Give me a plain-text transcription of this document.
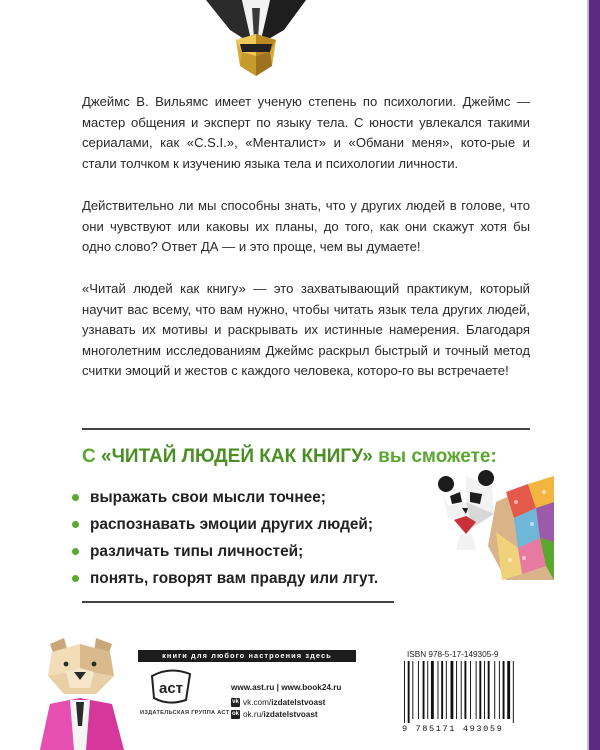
Джеймс В. Вильямс имеет ученую степень по психологии. Джеймс — мастер общения и эксперт по языку тела. С юности увлекался такими сериалами, как «C.S.I.», «Менталист» и «Обмани меня», кото-рые и стали толчком к изучению языка тела и психологии личности.

Действительно ли мы способны знать, что у других людей в голове, что они чувствуют или каковы их планы, до того, как они скажут хотя бы одно слово? Ответ ДА — и это проще, чем вы думаете!

«Читай людей как книгу» — это захватывающий практикум, который научит вас всему, что вам нужно, чтобы читать язык тела других людей, узнавать их мотивы и раскрывать их истинные намерения. Благодаря многолетним исследованиям Джеймс раскрыл быстрый и точный метод считки эмоций и жестов с каждого человека, которо-го вы встречаете!

С «ЧИТАЙ ЛЮДЕЙ КАК КНИГУ» вы сможете:
выражать свои мысли точнее;
распознавать эмоции других людей;
различать типы личностей;
понять, говорят вам правду или лгут.
книги для любого настроения здесь
аст
ИЗДАТЕЛЬСКАЯ ГРУППА АСТ
www.ast.ru | www.book24.ru
vk vk.com/ izdatelstvoast
ok ok.ru/ izdatelstvoast
ISBN 978-5-17-149305-9
9 785171 493059
